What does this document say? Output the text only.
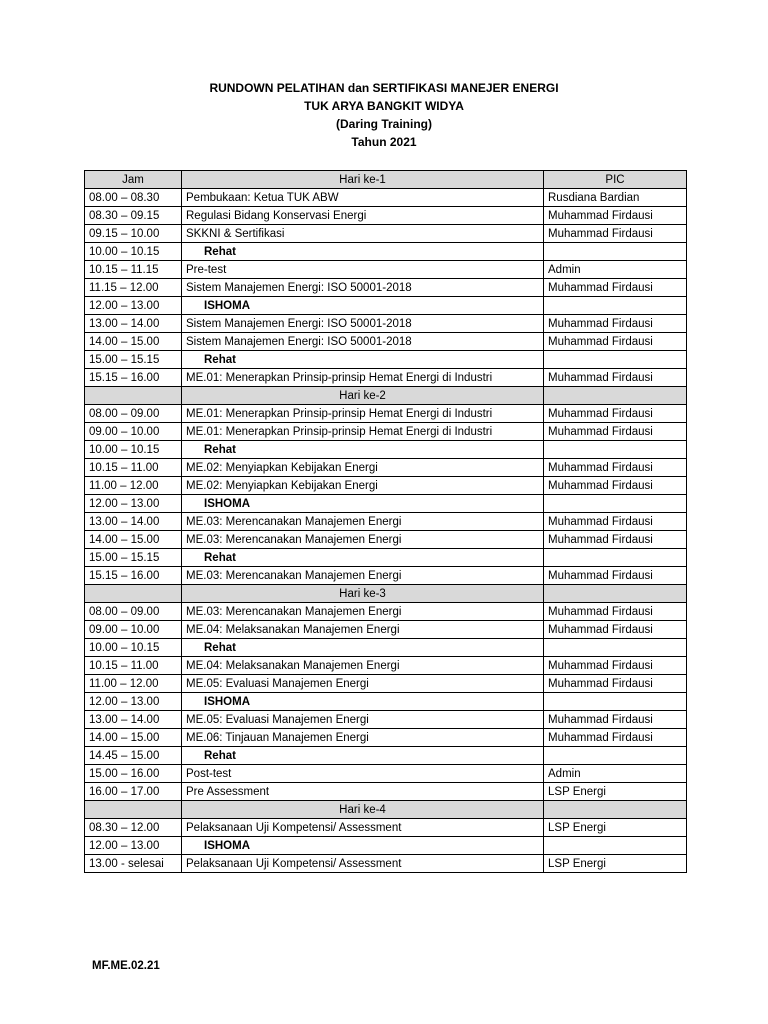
RUNDOWN PELATIHAN dan SERTIFIKASI MANEJER ENERGI
TUK ARYA BANGKIT WIDYA
(Daring Training)
Tahun 2021
Jam	Hari ke-1	PIC
08.00 – 08.30	Pembukaan: Ketua TUK ABW	Rusdiana Bardian
08.30 – 09.15	Regulasi Bidang Konservasi Energi	Muhammad Firdausi
09.15 – 10.00	SKKNI & Sertifikasi	Muhammad Firdausi
10.00 – 10.15	Rehat	
10.15 – 11.15	Pre-test	Admin
11.15 – 12.00	Sistem Manajemen Energi: ISO 50001-2018	Muhammad Firdausi
12.00 – 13.00	ISHOMA	
13.00 – 14.00	Sistem Manajemen Energi: ISO 50001-2018	Muhammad Firdausi
14.00 – 15.00	Sistem Manajemen Energi: ISO 50001-2018	Muhammad Firdausi
15.00 – 15.15	Rehat	
15.15 – 16.00	ME.01: Menerapkan Prinsip-prinsip Hemat Energi di Industri	Muhammad Firdausi
	Hari ke-2	
08.00 – 09.00	ME.01: Menerapkan Prinsip-prinsip Hemat Energi di Industri	Muhammad Firdausi
09.00 – 10.00	ME.01: Menerapkan Prinsip-prinsip Hemat Energi di Industri	Muhammad Firdausi
10.00 – 10.15	Rehat	
10.15 – 11.00	ME.02: Menyiapkan Kebijakan Energi	Muhammad Firdausi
11.00 – 12.00	ME.02: Menyiapkan Kebijakan Energi	Muhammad Firdausi
12.00 – 13.00	ISHOMA	
13.00 – 14.00	ME.03: Merencanakan Manajemen Energi	Muhammad Firdausi
14.00 – 15.00	ME.03: Merencanakan Manajemen Energi	Muhammad Firdausi
15.00 – 15.15	Rehat	
15.15 – 16.00	ME.03: Merencanakan Manajemen Energi	Muhammad Firdausi
	Hari ke-3	
08.00 – 09.00	ME.03: Merencanakan Manajemen Energi	Muhammad Firdausi
09.00 – 10.00	ME.04: Melaksanakan Manajemen Energi	Muhammad Firdausi
10.00 – 10.15	Rehat	
10.15 – 11.00	ME.04: Melaksanakan Manajemen Energi	Muhammad Firdausi
11.00 – 12.00	ME.05: Evaluasi Manajemen Energi	Muhammad Firdausi
12.00 – 13.00	ISHOMA	
13.00 – 14.00	ME.05: Evaluasi Manajemen Energi	Muhammad Firdausi
14.00 – 15.00	ME.06: Tinjauan Manajemen Energi	Muhammad Firdausi
14.45 – 15.00	Rehat	
15.00 – 16.00	Post-test	Admin
16.00 – 17.00	Pre Assessment	LSP Energi
	Hari ke-4	
08.30 – 12.00	Pelaksanaan Uji Kompetensi/ Assessment	LSP Energi
12.00 – 13.00	ISHOMA	
13.00 - selesai	Pelaksanaan Uji Kompetensi/ Assessment	LSP Energi
MF.ME.02.21
